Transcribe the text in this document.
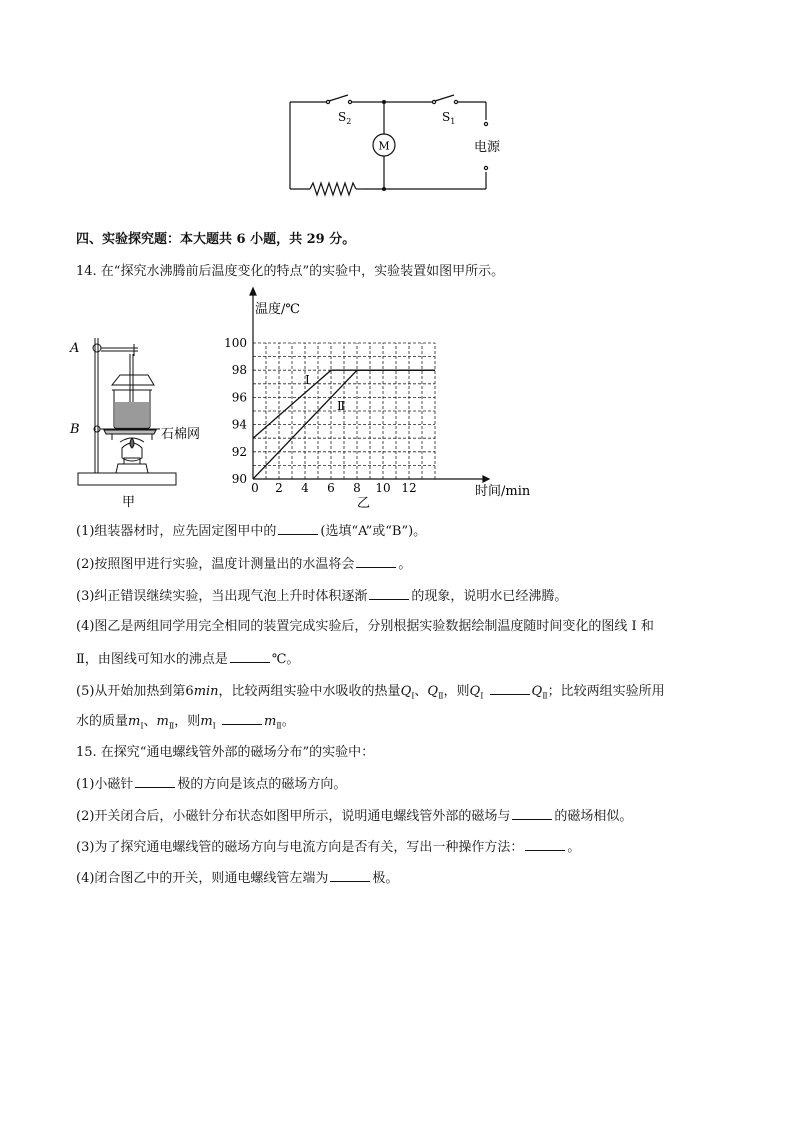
M
$S_2$	$S_1$
电源
四、实验探究题：本大题共 6 小题，共 29 分。
14. 在“探究水沸腾前后温度变化的特点”的实验中，实验装置如图甲所示。
A
B	石棉网
甲
0 2 4 6 8 10 12
90
92
94
96
98
100
Ⅰ
Ⅱ
温度/℃
时间/min
乙
(1)组装器材时，应先固定图甲中的	(选填“A”或“B”)。
(2)按照图甲进行实验，温度计测量出的水温将会	。
(3)纠正错误继续实验，当出现气泡上升时体积逐渐	的现象，说明水已经沸腾。
(4)图乙是两组同学用完全相同的装置完成实验后，分别根据实验数据绘制温度随时间变化的图线 I 和
Ⅱ，由图线可知水的沸点是	℃。
(5)从开始加热到第6min，比较两组实验中水吸收的热量$Q_Ⅰ$、$Q_Ⅱ$，则$Q_Ⅰ$	$Q_Ⅱ$；比较两组实验所用
水的质量$m_Ⅰ$、$m_Ⅱ$，则$m_Ⅰ$	$m_Ⅱ$。
15. 在探究“通电螺线管外部的磁场分布”的实验中：
(1)小磁针	极的方向是该点的磁场方向。
(2)开关闭合后，小磁针分布状态如图甲所示，说明通电螺线管外部的磁场与	的磁场相似。
(3)为了探究通电螺线管的磁场方向与电流方向是否有关，写出一种操作方法：	。
(4)闭合图乙中的开关，则通电螺线管左端为	极。
